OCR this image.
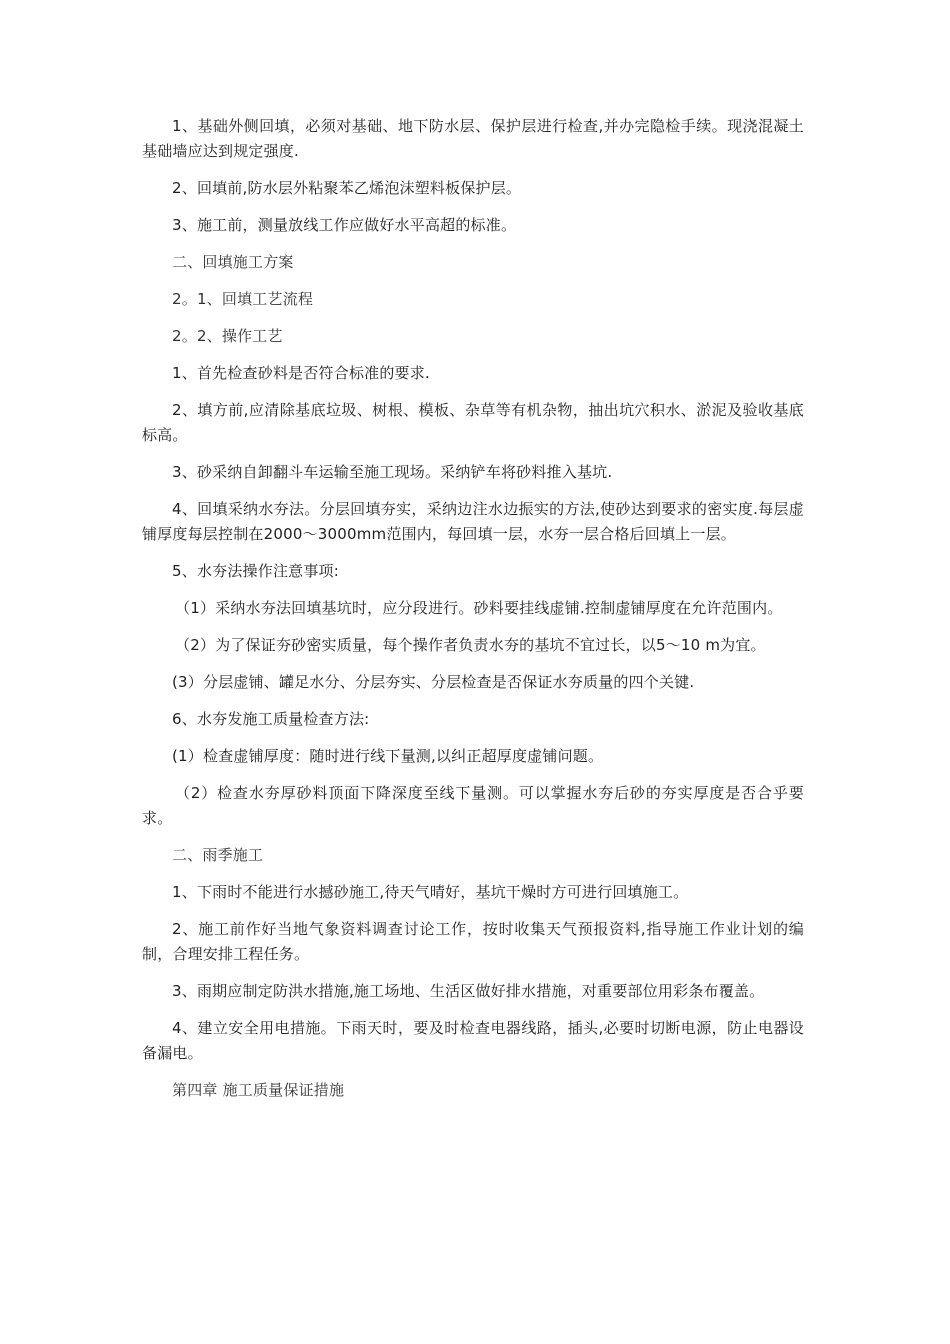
1、基础外侧回填，必须对基础、地下防水层、保护层进行检查,并办完隐检手续。现浇混凝土基础墙应达到规定强度.

2、回填前,防水层外粘聚苯乙烯泡沫塑料板保护层。

3、施工前，测量放线工作应做好水平高超的标准。

二、回填施工方案

2。1、回填工艺流程

2。2、操作工艺

1、首先检查砂料是否符合标准的要求.

2、填方前,应清除基底垃圾、树根、模板、杂草等有机杂物，抽出坑穴积水、淤泥及验收基底标高。

3、砂采纳自卸翻斗车运输至施工现场。采纳铲车将砂料推入基坑.

4、回填采纳水夯法。分层回填夯实，采纳边注水边振实的方法,使砂达到要求的密实度.每层虚铺厚度每层控制在2000～3000mm范围内，每回填一层，水夯一层合格后回填上一层。

5、水夯法操作注意事项:

（1）采纳水夯法回填基坑时，应分段进行。砂料要挂线虚铺.控制虚铺厚度在允许范围内。

（2）为了保证夯砂密实质量，每个操作者负责水夯的基坑不宜过长，以5～10 m为宜。

(3）分层虚铺、罐足水分、分层夯实、分层检查是否保证水夯质量的四个关键.

6、水夯发施工质量检查方法:

(1）检查虚铺厚度：随时进行线下量测,以纠正超厚度虚铺问题。

（2）检查水夯厚砂料顶面下降深度至线下量测。可以掌握水夯后砂的夯实厚度是否合乎要求。

二、雨季施工

1、下雨时不能进行水撼砂施工,待天气晴好，基坑干燥时方可进行回填施工。

2、施工前作好当地气象资料调查讨论工作，按时收集天气预报资料,指导施工作业计划的编制，合理安排工程任务。

3、雨期应制定防洪水措施,施工场地、生活区做好排水措施，对重要部位用彩条布覆盖。

4、建立安全用电措施。下雨天时，要及时检查电器线路，插头,必要时切断电源，防止电器设备漏电。

第四章 施工质量保证措施
